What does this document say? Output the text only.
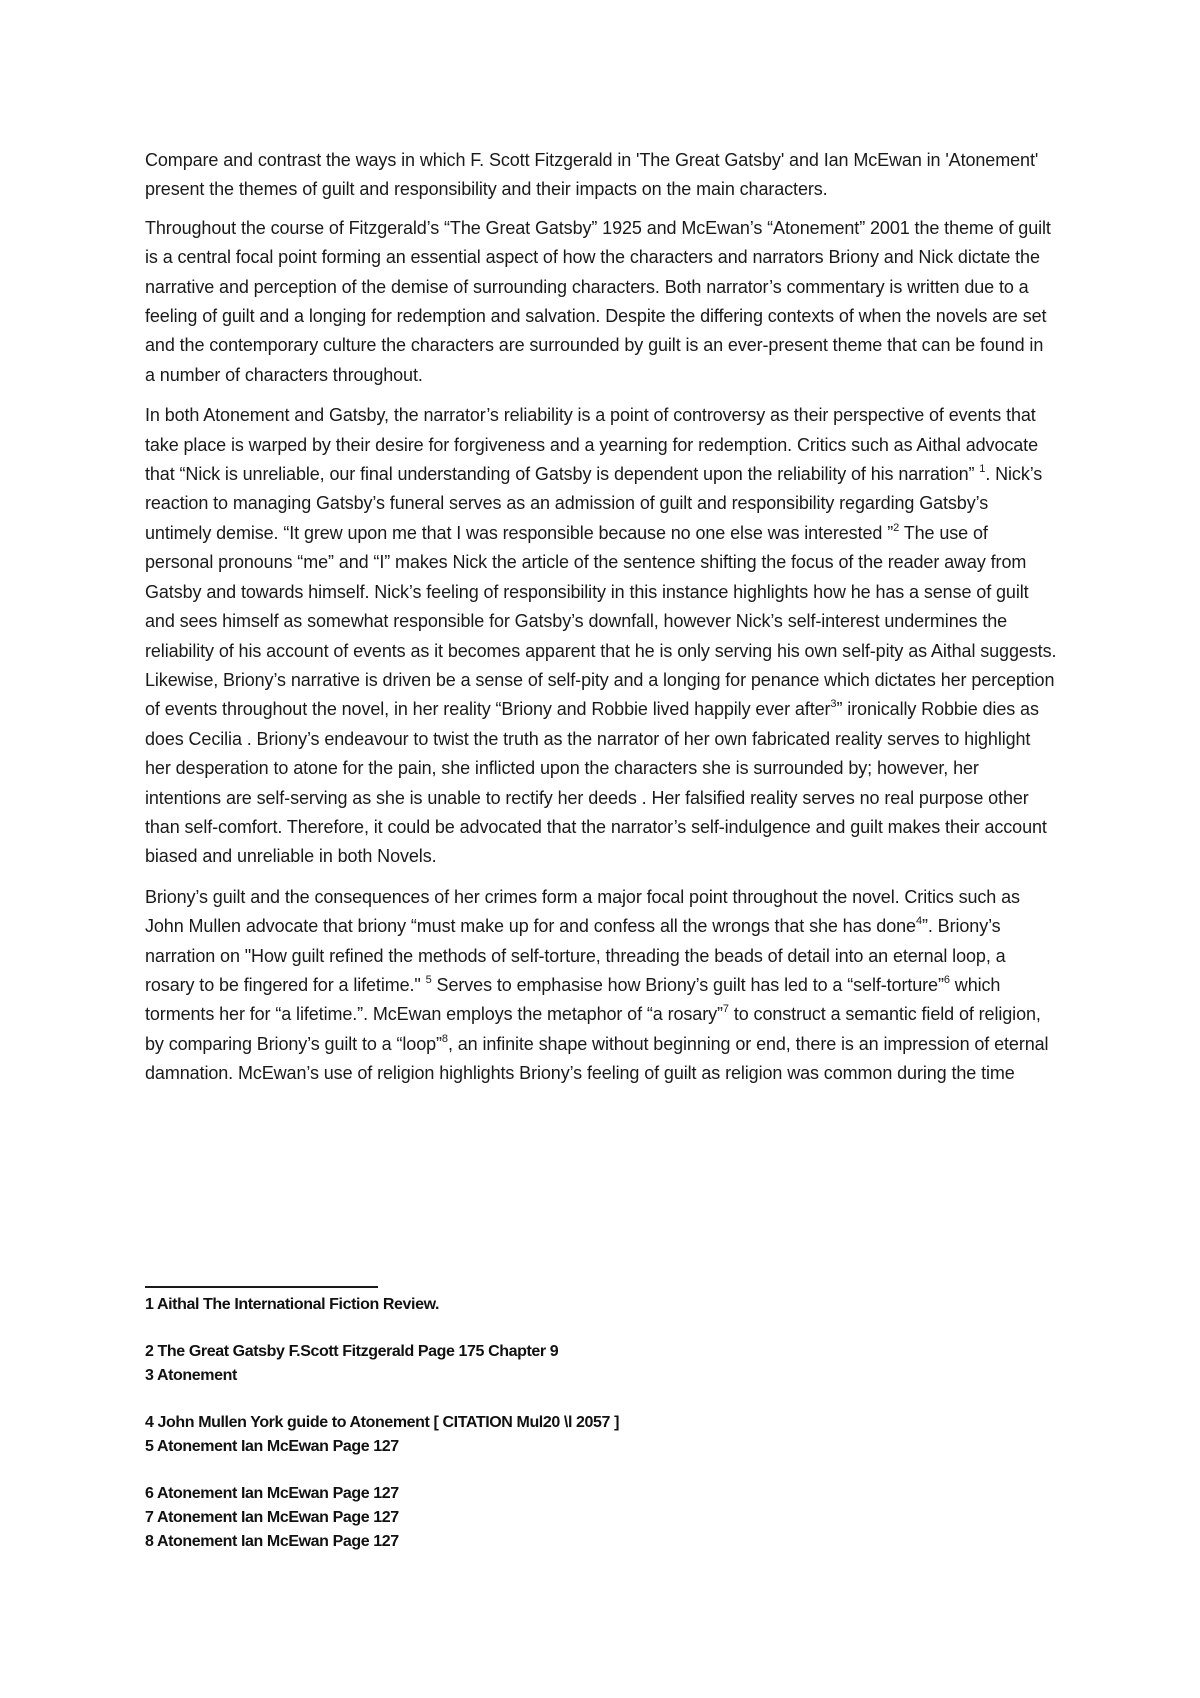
Compare and contrast the ways in which F. Scott Fitzgerald in 'The Great Gatsby' and Ian McEwan in 'Atonement' present the themes of guilt and responsibility and their impacts on the main characters.

Throughout the course of Fitzgerald’s “The Great Gatsby” 1925 and McEwan’s “Atonement” 2001 the theme of guilt is a central focal point forming an essential aspect of how the characters and narrators Briony and Nick dictate the narrative and perception of the demise of surrounding characters. Both narrator’s commentary is written due to a feeling of guilt and a longing for redemption and salvation. Despite the differing contexts of when the novels are set and the contemporary culture the characters are surrounded by guilt is an ever-present theme that can be found in a number of characters throughout.

In both Atonement and Gatsby, the narrator’s reliability is a point of controversy as their perspective of events that take place is warped by their desire for forgiveness and a yearning for redemption. Critics such as Aithal advocate that “Nick is unreliable, our final understanding of Gatsby is dependent upon the reliability of his narration” $^1$. Nick’s reaction to managing Gatsby’s funeral serves as an admission of guilt and responsibility regarding Gatsby’s untimely demise. “It grew upon me that I was responsible because no one else was interested ”$^2$ The use of personal pronouns “me” and “I” makes Nick the article of the sentence shifting the focus of the reader away from Gatsby and towards himself. Nick’s feeling of responsibility in this instance highlights how he has a sense of guilt and sees himself as somewhat responsible for Gatsby’s downfall, however Nick’s self-interest undermines the reliability of his account of events as it becomes apparent that he is only serving his own self-pity as Aithal suggests. Likewise, Briony’s narrative is driven be a sense of self-pity and a longing for penance which dictates her perception of events throughout the novel, in her reality “Briony and Robbie lived happily ever after$^3$” ironically Robbie dies as does Cecilia . Briony’s endeavour to twist the truth as the narrator of her own fabricated reality serves to highlight her desperation to atone for the pain, she inflicted upon the characters she is surrounded by; however, her intentions are self-serving as she is unable to rectify her deeds . Her falsified reality serves no real purpose other than self-comfort. Therefore, it could be advocated that the narrator’s self-indulgence and guilt makes their account biased and unreliable in both Novels.

Briony’s guilt and the consequences of her crimes form a major focal point throughout the novel. Critics such as John Mullen advocate that briony “must make up for and confess all the wrongs that she has done$^4$”. Briony’s narration on "How guilt refined the methods of self-torture, threading the beads of detail into an eternal loop, a rosary to be fingered for a lifetime." $^5$ Serves to emphasise how Briony’s guilt has led to a “self-torture”$^6$ which torments her for “a lifetime.”. McEwan employs the metaphor of “a rosary”$^7$ to construct a semantic field of religion, by comparing Briony’s guilt to a “loop”$^8$, an infinite shape without beginning or end, there is an impression of eternal damnation. McEwan’s use of religion highlights Briony’s feeling of guilt as religion was common during the time

1 Aithal The International Fiction Review.
2 The Great Gatsby F.Scott Fitzgerald Page 175 Chapter 9
3 Atonement
4 John Mullen York guide to Atonement [ CITATION Mul20 \l 2057 ]
5 Atonement Ian McEwan Page 127
6 Atonement Ian McEwan Page 127
7 Atonement Ian McEwan Page 127
8 Atonement Ian McEwan Page 127
